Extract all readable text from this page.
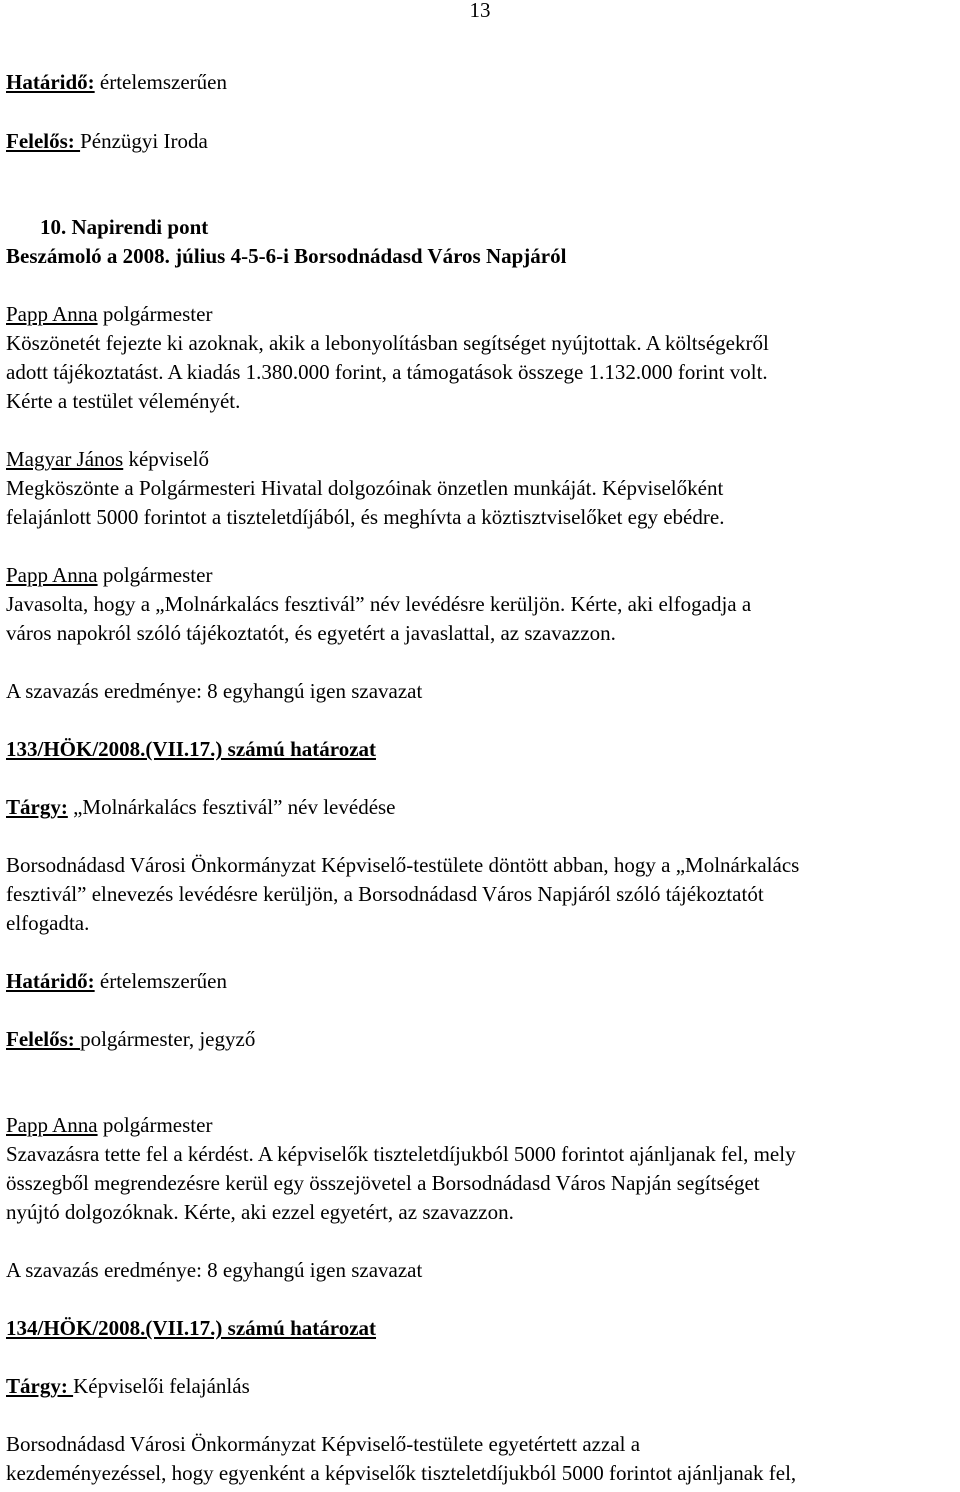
13
Határidő: értelemszerűen
Felelős: Pénzügyi Iroda
10. Napirendi pont
Beszámoló a 2008. július 4-5-6-i Borsodnádasd Város Napjáról
Papp Anna polgármester
Köszönetét fejezte ki azoknak, akik a lebonyolításban segítséget nyújtottak. A költségekről
adott tájékoztatást. A kiadás 1.380.000 forint, a támogatások összege 1.132.000 forint volt.
Kérte a testület véleményét.
Magyar János képviselő
Megköszönte a Polgármesteri Hivatal dolgozóinak önzetlen munkáját. Képviselőként
felajánlott 5000 forintot a tiszteletdíjából, és meghívta a köztisztviselőket egy ebédre.
Papp Anna polgármester
Javasolta, hogy a „Molnárkalács fesztivál” név levédésre kerüljön. Kérte, aki elfogadja a
város napokról szóló tájékoztatót, és egyetért a javaslattal, az szavazzon.
A szavazás eredménye: 8 egyhangú igen szavazat
133/HÖK/2008.(VII.17.) számú határozat
Tárgy: „Molnárkalács fesztivál” név levédése
Borsodnádasd Városi Önkormányzat Képviselő-testülete döntött abban, hogy a „Molnárkalács
fesztivál” elnevezés levédésre kerüljön, a Borsodnádasd Város Napjáról szóló tájékoztatót
elfogadta.
Határidő: értelemszerűen
Felelős: polgármester, jegyző
Papp Anna polgármester
Szavazásra tette fel a kérdést. A képviselők tiszteletdíjukból 5000 forintot ajánljanak fel, mely
összegből megrendezésre kerül egy összejövetel a Borsodnádasd Város Napján segítséget
nyújtó dolgozóknak. Kérte, aki ezzel egyetért, az szavazzon.
A szavazás eredménye: 8 egyhangú igen szavazat
134/HÖK/2008.(VII.17.) számú határozat
Tárgy: Képviselői felajánlás
Borsodnádasd Városi Önkormányzat Képviselő-testülete egyetértett azzal a
kezdeményezéssel, hogy egyenként a képviselők tiszteletdíjukból 5000 forintot ajánljanak fel,
